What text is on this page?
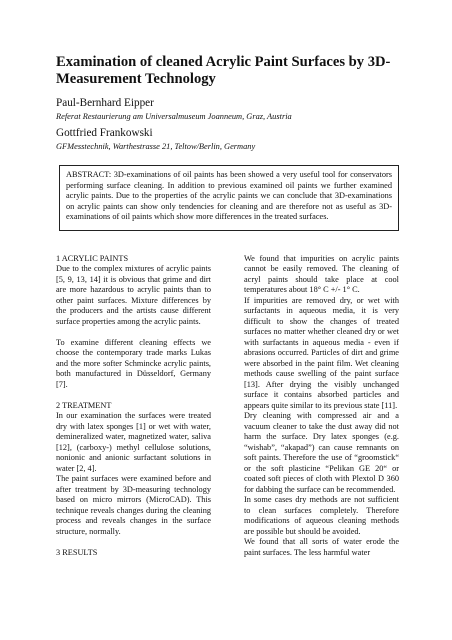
Examination of cleaned Acrylic Paint Surfaces by 3D-Measurement Technology

Paul-Bernhard Eipper

Referat Restaurierung am Universalmuseum Joanneum, Graz, Austria

Gottfried Frankowski

GFMesstechnik, Warthestrasse 21, Teltow/Berlin, Germany

ABSTRACT: 3D-examinations of oil paints has been showed a very useful tool for conservators performing surface cleaning. In addition to previous examined oil paints we further examined acrylic paints. Due to the properties of the acrylic paints we can conclude that 3D-examinations on acrylic paints can show only tendencies for cleaning and are therefore not as useful as 3D-examinations of oil paints which show more differences in the treated surfaces.

1 ACRYLIC PAINTS

Due to the complex mixtures of acrylic paints [5, 9, 13, 14] it is obvious that grime and dirt are more hazardous to acrylic paints than to other paint surfaces. Mixture differences by the producers and the artists cause different surface properties among the acrylic paints.

To examine different cleaning effects we choose the contemporary trade marks Lukas and the more softer Schmincke acrylic paints, both manufactured in Düsseldorf, Germany [7].

2 TREATMENT

In our examination the surfaces were treated dry with latex sponges [1] or wet with water, demineralized water, magnetized water, saliva [12], (carboxy-) methyl cellulose solutions, nonionic and anionic surfactant solutions in water [2, 4].

The paint surfaces were examined before and after treatment by 3D-measuring technology based on micro mirrors (MicroCAD). This technique reveals changes during the cleaning process and reveals changes in the surface structure, normally.

3 RESULTS

We found that impurities on acrylic paints cannot be easily removed. The cleaning of acryl paints should take place at cool temperatures about 18° C +/- 1° C.

If impurities are removed dry, or wet with surfactants in aqueous media, it is very difficult to show the changes of treated surfaces no matter whether cleaned dry or wet with surfactants in aqueous media - even if abrasions occurred. Particles of dirt and grime were absorbed in the paint film. Wet cleaning methods cause swelling of the paint surface [13]. After drying the visibly unchanged surface it contains absorbed particles and appears quite similar to its previous state [11].

Dry cleaning with compressed air and a vacuum cleaner to take the dust away did not harm the surface. Dry latex sponges (e.g. “wishab”, “akapad”) can cause remnants on soft paints. Therefore the use of “groomstick“ or the soft plasticine “Pelikan GE 20“ or coated soft pieces of cloth with Plextol D 360 for dabbing the surface can be recommended.

In some cases dry methods are not sufficient to clean surfaces completely. Therefore modifications of aqueous cleaning methods are possible but should be avoided.

We found that all sorts of water erode the paint surfaces. The less harmful water
